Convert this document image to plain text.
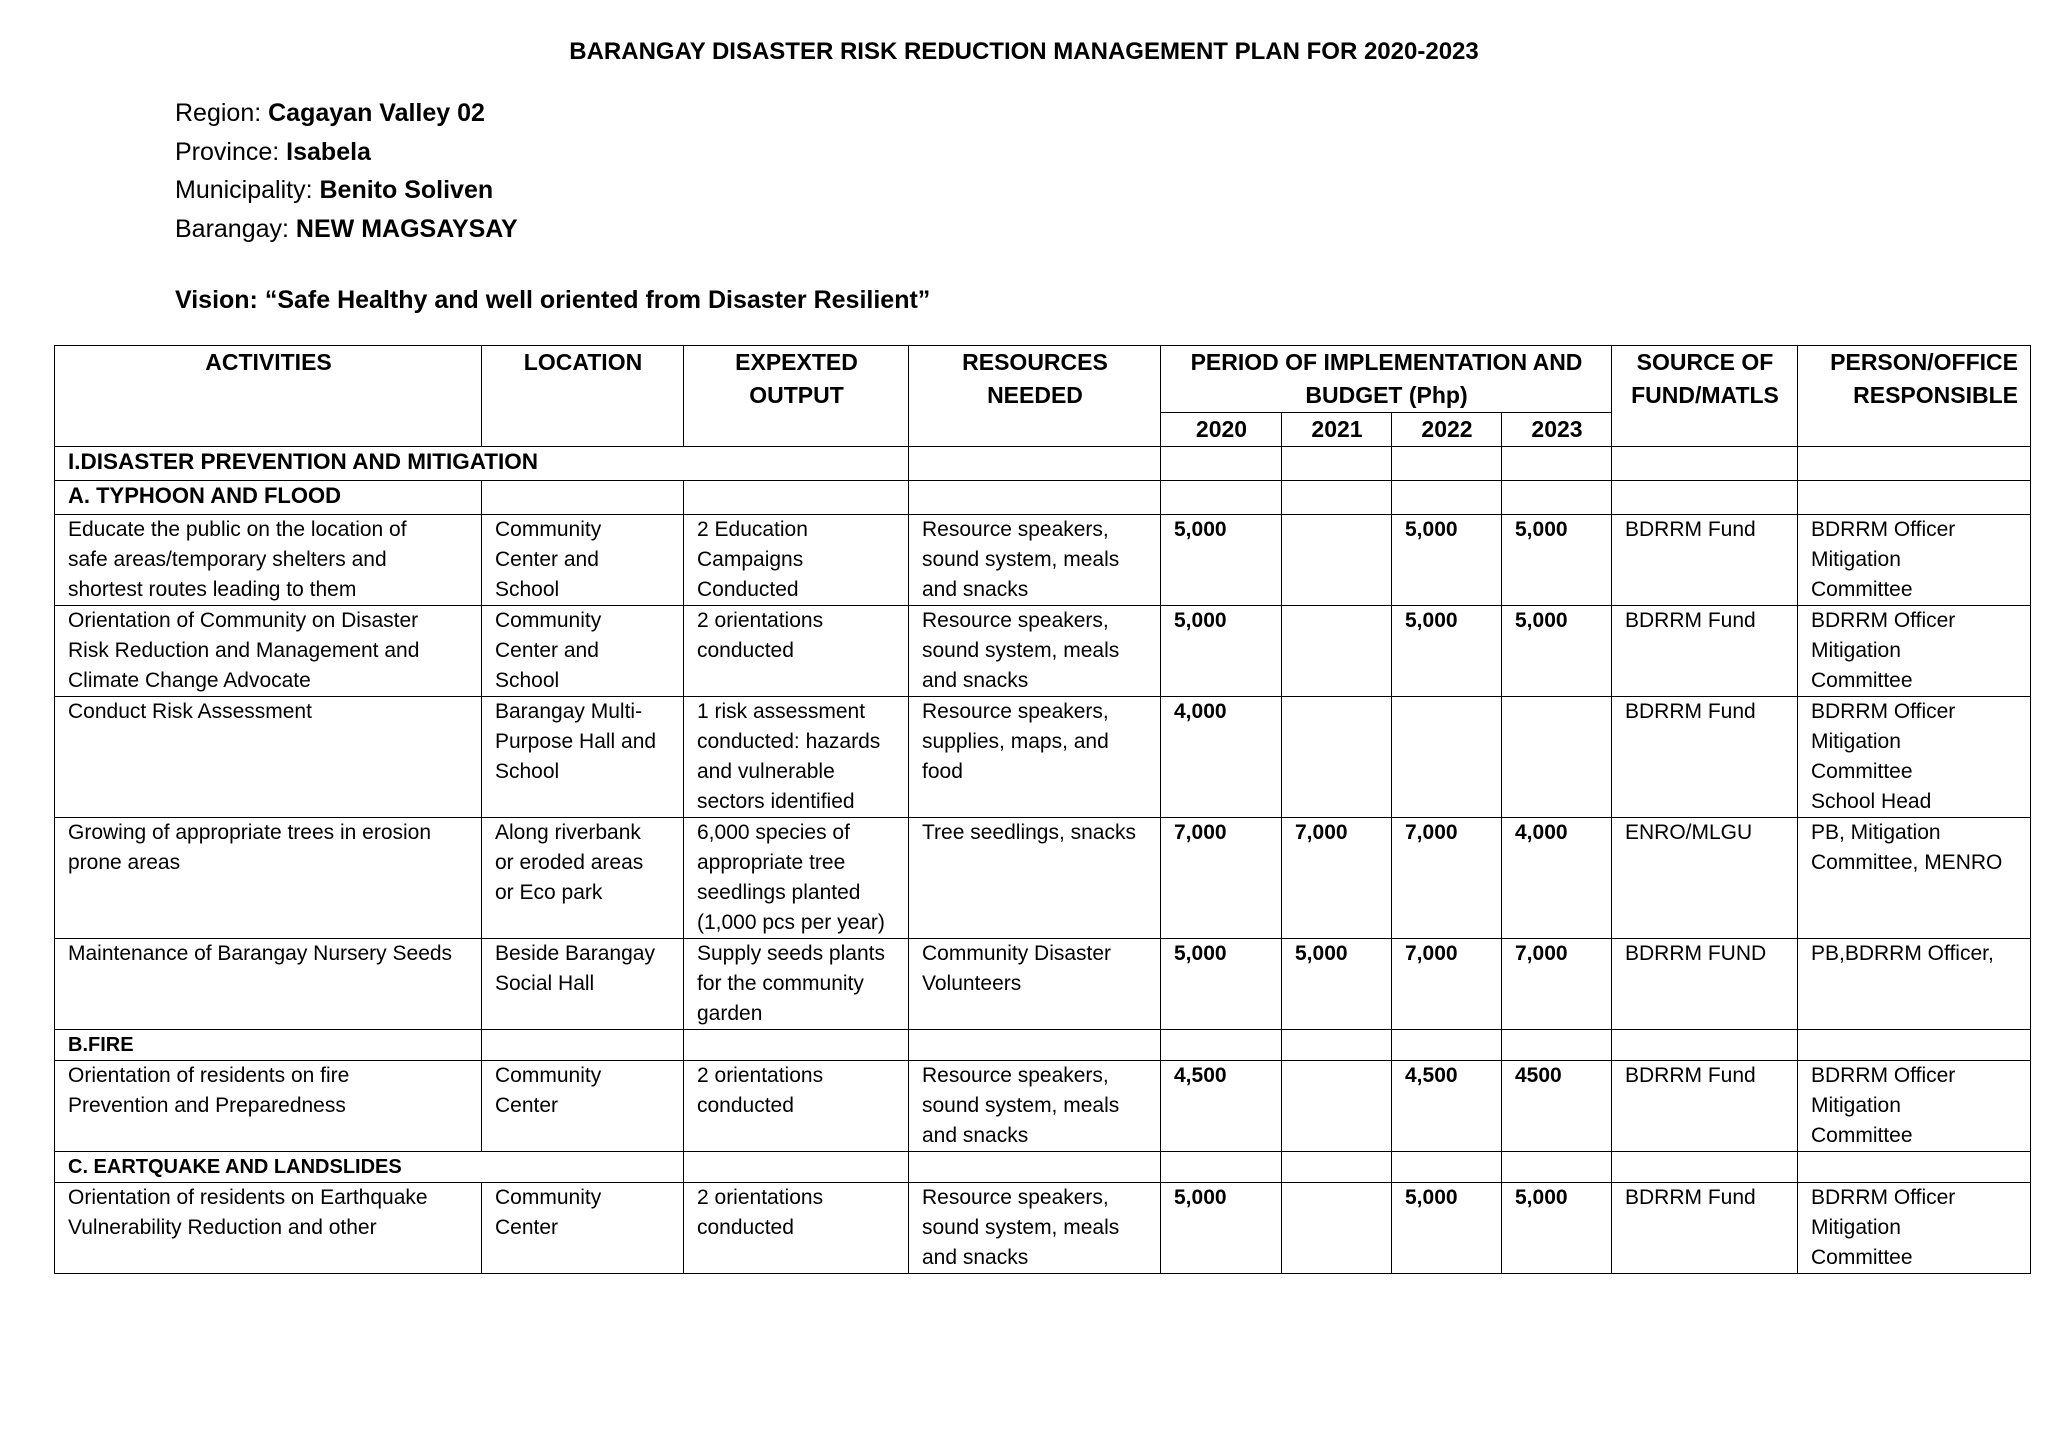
BARANGAY DISASTER RISK REDUCTION MANAGEMENT PLAN FOR 2020-2023
Region: Cagayan Valley 02
Province: Isabela
Municipality: Benito Soliven
Barangay: NEW MAGSAYSAY
Vision: “Safe Healthy and well oriented from Disaster Resilient”
ACTIVITIES	LOCATION	EXPEXTED OUTPUT	RESOURCES NEEDED	PERIOD OF IMPLEMENTATION AND BUDGET (Php)				SOURCE OF FUND/MATLS	PERSON/OFFICE RESPONSIBLE
				2020	2021	2022	2023		
I.DISASTER PREVENTION AND MITIGATION									
A. TYPHOON AND FLOOD									
Educate the public on the location of
safe areas/temporary shelters and
shortest routes leading to them	Community
Center and
School	2 Education
Campaigns
Conducted	Resource speakers,
sound system, meals
and snacks	5,000		5,000	5,000	BDRRM Fund	BDRRM Officer
Mitigation
Committee
Orientation of Community on Disaster
Risk Reduction and Management and
Climate Change Advocate	Community
Center and
School	2 orientations
conducted	Resource speakers,
sound system, meals
and snacks	5,000		5,000	5,000	BDRRM Fund	BDRRM Officer
Mitigation
Committee
Conduct Risk Assessment	Barangay Multi-
Purpose Hall and
School	1 risk assessment
conducted: hazards
and vulnerable
sectors identified	Resource speakers,
supplies, maps, and
food	4,000				BDRRM Fund	BDRRM Officer
Mitigation
Committee
School Head
Growing of appropriate trees in erosion
prone areas	Along riverbank
or eroded areas
or Eco park	6,000 species of
appropriate tree
seedlings planted
(1,000 pcs per year)	Tree seedlings, snacks	7,000	7,000	7,000	4,000	ENRO/MLGU	PB, Mitigation
Committee, MENRO
Maintenance of Barangay Nursery Seeds	Beside Barangay
Social Hall	Supply seeds plants
for the community
garden	Community Disaster
Volunteers	5,000	5,000	7,000	7,000	BDRRM FUND	PB,BDRRM Officer,
B.FIRE									
Orientation of residents on fire
Prevention and Preparedness	Community
Center	2 orientations
conducted	Resource speakers,
sound system, meals
and snacks	4,500		4,500	4500	BDRRM Fund	BDRRM Officer
Mitigation
Committee
C. EARTQUAKE AND LANDSLIDES									
Orientation of residents on Earthquake
Vulnerability Reduction and other	Community
Center	2 orientations
conducted	Resource speakers,
sound system, meals
and snacks	5,000		5,000	5,000	BDRRM Fund	BDRRM Officer
Mitigation
Committee
